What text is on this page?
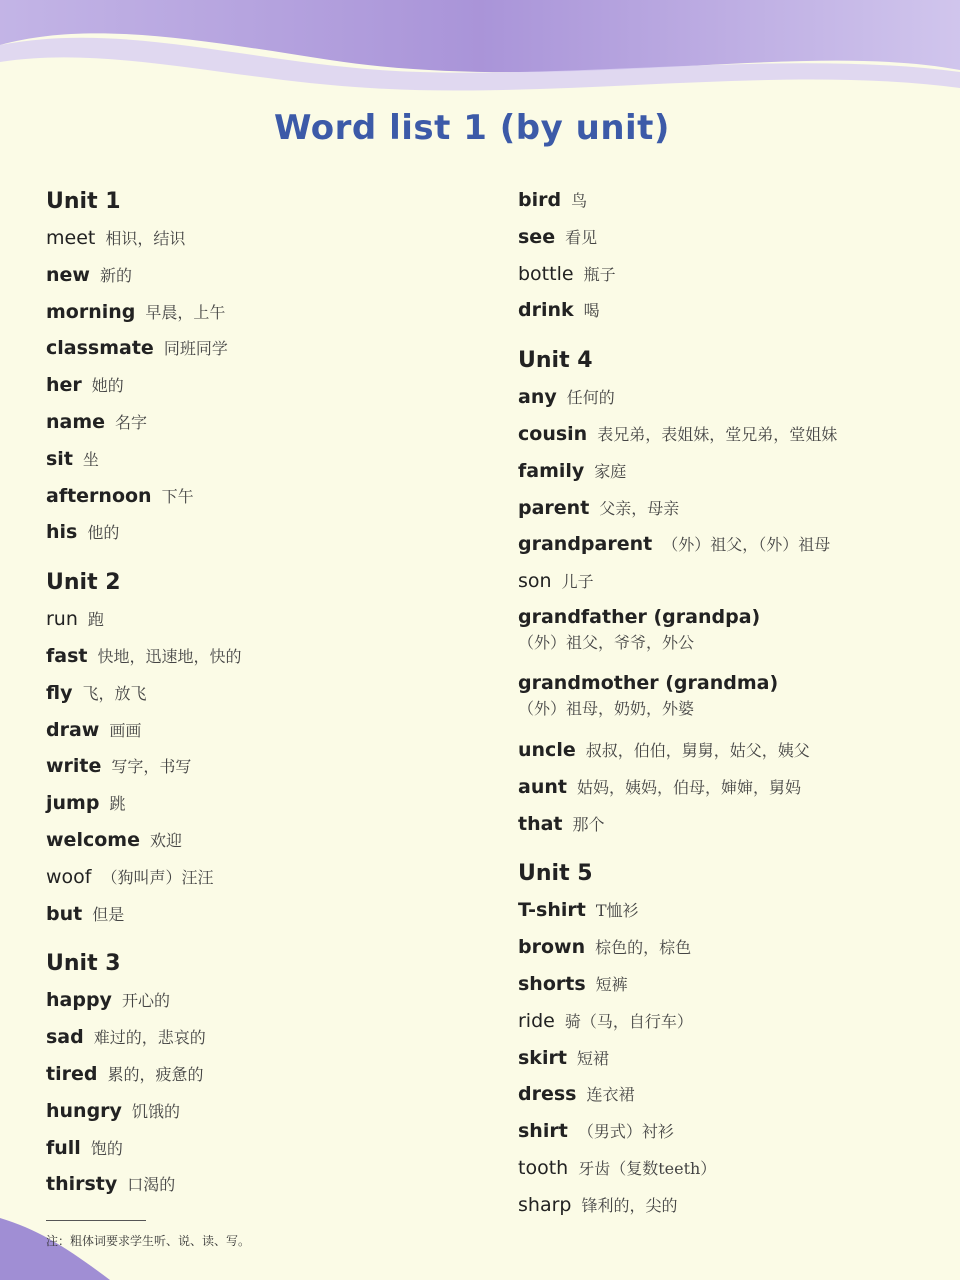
Word list 1 (by unit)
Unit 1
meet 相识，结识
new 新的
morning 早晨，上午
classmate 同班同学
her 她的
name 名字
sit 坐
afternoon 下午
his 他的
Unit 2
run 跑
fast 快地，迅速地，快的
fly 飞，放飞
draw 画画
write 写字，书写
jump 跳
welcome 欢迎
woof （狗叫声）汪汪
but 但是
Unit 3
happy 开心的
sad 难过的，悲哀的
tired 累的，疲惫的
hungry 饥饿的
full 饱的
thirsty 口渴的
bird 鸟
see 看见
bottle 瓶子
drink 喝
Unit 4
any 任何的
cousin 表兄弟，表姐妹，堂兄弟，堂姐妹
family 家庭
parent 父亲，母亲
grandparent （外）祖父，（外）祖母
son 儿子
grandfather (grandpa)
（外）祖父，爷爷，外公
grandmother (grandma)
（外）祖母，奶奶，外婆
uncle 叔叔，伯伯，舅舅，姑父，姨父
aunt 姑妈，姨妈，伯母，婶婶，舅妈
that 那个
Unit 5
T-shirt T恤衫
brown 棕色的，棕色
shorts 短裤
ride 骑（马，自行车）
skirt 短裙
dress 连衣裙
shirt （男式）衬衫
tooth 牙齿（复数teeth）
sharp 锋利的，尖的
注：粗体词要求学生听、说、读、写。
